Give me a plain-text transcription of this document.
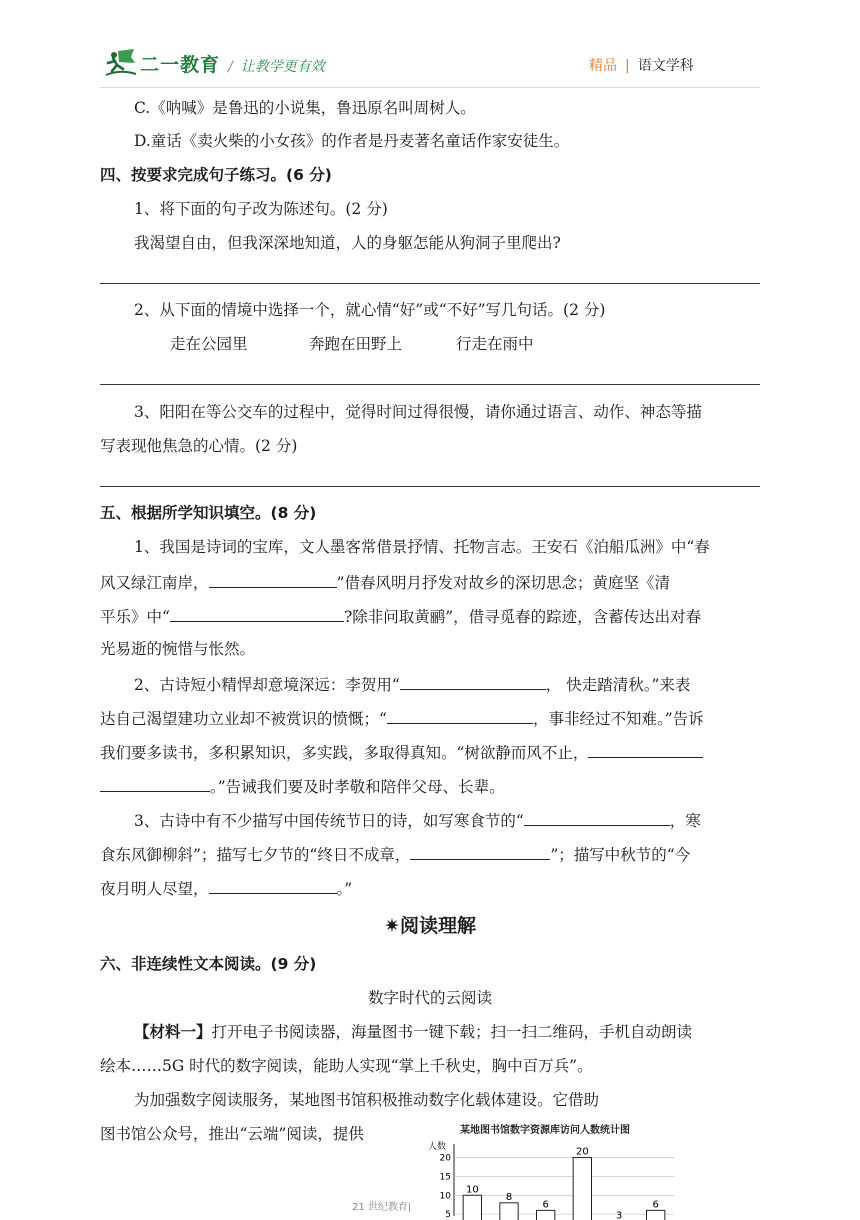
二一教育 / 让教学更有效	精品 | 语文学科
C.《呐喊》是鲁迅的小说集，鲁迅原名叫周树人。
D.童话《卖火柴的小女孩》的作者是丹麦著名童话作家安徒生。
四、按要求完成句子练习。(6 分)
1、将下面的句子改为陈述句。(2 分)
我渴望自由，但我深深地知道，人的身躯怎能从狗洞子里爬出?
2、从下面的情境中选择一个，就心情“好”或“不好”写几句话。(2 分)
走在公园里	奔跑在田野上	行走在雨中
3、阳阳在等公交车的过程中，觉得时间过得很慢，请你通过语言、动作、神态等描
写表现他焦急的心情。(2 分)
五、根据所学知识填空。(8 分)
1、我国是诗词的宝库，文人墨客常借景抒情、托物言志。王安石《泊船瓜洲》中“春
风又绿江南岸，	”借春风明月抒发对故乡的深切思念；黄庭坚《清
平乐》中“	?除非问取黄鹂”，借寻觅春的踪迹，含蓄传达出对春
光易逝的惋惜与怅然。
2、古诗短小精悍却意境深远：李贺用“	， 快走踏清秋。”来表
达自己渴望建功立业却不被赏识的愤慨；“	，事非经过不知难。”告诉
我们要多读书，多积累知识，多实践，多取得真知。“树欲静而风不止，
。”告诫我们要及时孝敬和陪伴父母、长辈。
3、古诗中有不少描写中国传统节日的诗，如写寒食节的“	，寒
食东风御柳斜”；描写七夕节的“终日不成章，	”；描写中秋节的“今
夜月明人尽望，	。”
✷阅读理解
六、非连续性文本阅读。(9 分)
数字时代的云阅读
【材料一】打开电子书阅读器，海量图书一键下载；扫一扫二维码，手机自动朗读
绘本……5G 时代的数字阅读，能助人实现“掌上千秋史，胸中百万兵”。
为加强数字阅读服务，某地图书馆积极推动数字化载体建设。它借助
图书馆公众号，推出“云端”阅读，提供	某地图书馆数字资源库访问人数统计图
人数
5
10
15
20
10
8
6
20
3
6
21 世纪教育|
